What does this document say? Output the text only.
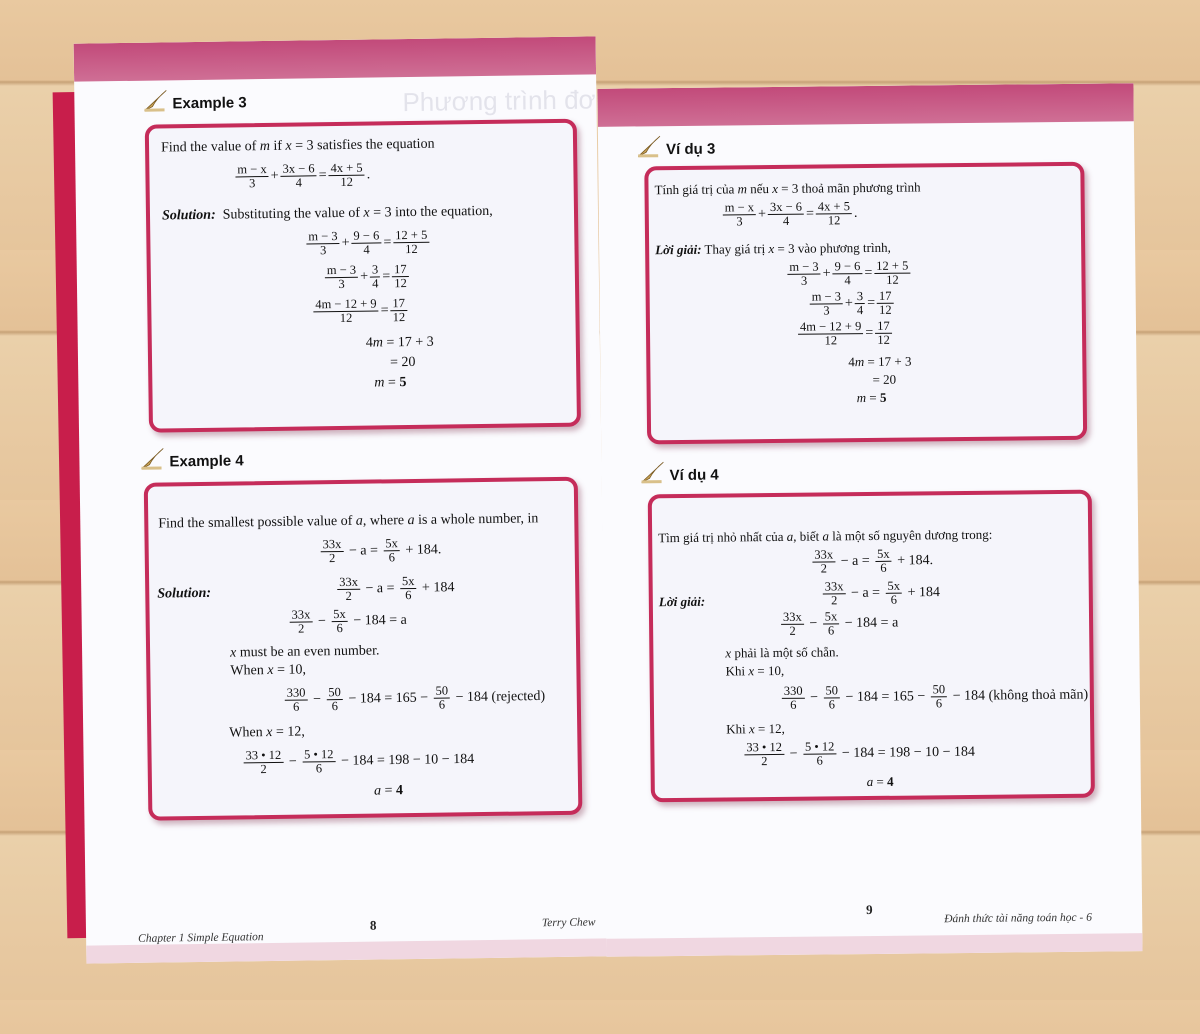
Phương trình đơ
Example 3
Find the value of m if x = 3 satisfies the equation
$\frac{m - x}{3} + \frac{3x - 6}{4} = \frac{4x + 5}{12}$ .
Solution: Substituting the value of x = 3 into the equation,
$\frac{m - 3}{3} + \frac{9 - 6}{4} = \frac{12 + 5}{12}$
$\frac{m - 3}{3} + \frac{3}{4} = \frac{17}{12}$
$\frac{4m - 12 + 9}{12} = \frac{17}{12}$
4m = 17 + 3
= 20
m = 5
Example 4
Find the smallest possible value of a, where a is a whole number, in
$\frac{33x}{2} - a = \frac{5x}{6} + 184$.
Solution:	$\frac{33x}{2} - a = \frac{5x}{6} + 184$
$\frac{33x}{2} - \frac{5x}{6} - 184 = a$
x must be an even number.
When x = 10,
$\frac{330}{6} - \frac{50}{6} - 184 = 165 - \frac{50}{6} - 184$ (rejected)
When x = 12,
$\frac{33 • 12}{2} - \frac{5 • 12}{6} - 184 = 198 - 10 - 184$
a = 4
Chapter 1 Simple Equation
8	Terry Chew
Ví dụ 3
Tính giá trị của m nếu x = 3 thoả mãn phương trình
$\frac{m - x}{3} + \frac{3x - 6}{4} = \frac{4x + 5}{12}$ .
Lời giải: Thay giá trị x = 3 vào phương trình,
$\frac{m - 3}{3} + \frac{9 - 6}{4} = \frac{12 + 5}{12}$
$\frac{m - 3}{3} + \frac{3}{4} = \frac{17}{12}$
$\frac{4m - 12 + 9}{12} = \frac{17}{12}$
4m = 17 + 3
= 20
m = 5
Ví dụ 4
Tìm giá trị nhỏ nhất của a, biết a là một số nguyên dương trong:
$\frac{33x}{2} - a = \frac{5x}{6} + 184$.
Lời giải:	$\frac{33x}{2} - a = \frac{5x}{6} + 184$
$\frac{33x}{2} - \frac{5x}{6} - 184 = a$
x phải là một số chẵn.
Khi x = 10,
$\frac{330}{6} - \frac{50}{6} - 184 = 165 - \frac{50}{6} - 184$ (không thoả mãn)
Khi x = 12,
$\frac{33 • 12}{2} - \frac{5 • 12}{6} - 184 = 198 - 10 - 184$
a = 4
9
Đánh thức tài năng toán học - 6
